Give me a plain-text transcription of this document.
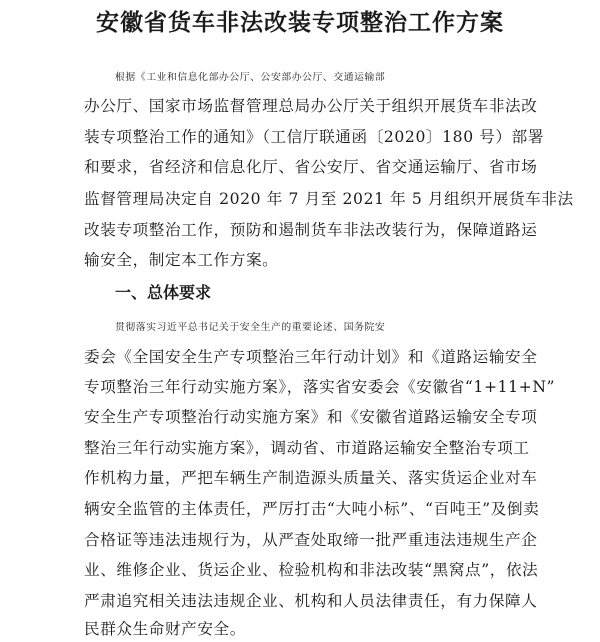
安徽省货车非法改装专项整治工作方案
根据《工业和信息化部办公厅、公安部办公厅、交通运输部
办公厅、国家市场监督管理总局办公厅关于组织开展货车非法改
装专项整治工作的通知》（工信厅联通函〔2020〕180 号）部署
和要求，省经济和信息化厅、省公安厅、省交通运输厅、省市场
监督管理局决定自 2020 年 7 月至 2021 年 5 月组织开展货车非法
改装专项整治工作，预防和遏制货车非法改装行为，保障道路运
输安全，制定本工作方案。
一、总体要求
贯彻落实习近平总书记关于安全生产的重要论述、国务院安
委会《全国安全生产专项整治三年行动计划》和《道路运输安全
专项整治三年行动实施方案》，落实省安委会《安徽省“1+11+N”
安全生产专项整治行动实施方案》和《安徽省道路运输安全专项
整治三年行动实施方案》，调动省、市道路运输安全整治专项工
作机构力量，严把车辆生产制造源头质量关、落实货运企业对车
辆安全监管的主体责任，严厉打击“大吨小标”、“百吨王”及倒卖
合格证等违法违规行为，从严查处取缔一批严重违法违规生产企
业、维修企业、货运企业、检验机构和非法改装“黑窝点”，依法
严肃追究相关违法违规企业、机构和人员法律责任，有力保障人
民群众生命财产安全。
